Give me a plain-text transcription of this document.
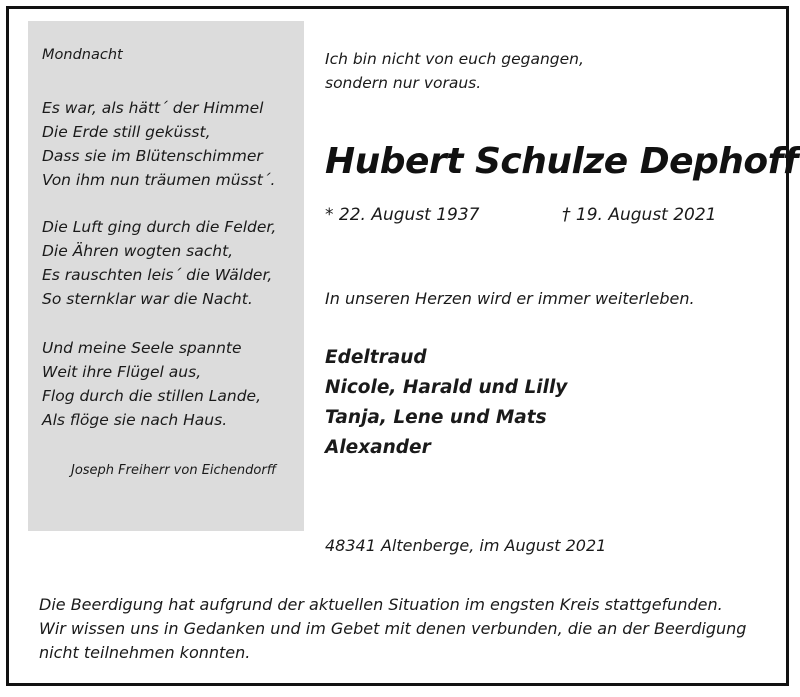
Mondnacht
Es war, als hätt´ der Himmel
Die Erde still geküsst,
Dass sie im Blütenschimmer
Von ihm nun träumen müsst´.
Die Luft ging durch die Felder,
Die Ähren wogten sacht,
Es rauschten leis´ die Wälder,
So sternklar war die Nacht.
Und meine Seele spannte
Weit ihre Flügel aus,
Flog durch die stillen Lande,
Als flöge sie nach Haus.
Joseph Freiherr von Eichendorff
Ich bin nicht von euch gegangen,
sondern nur voraus.
Hubert Schulze Dephoff
* 22. August 1937	† 19. August 2021
In unseren Herzen wird er immer weiterleben.
Edeltraud
Nicole, Harald und Lilly
Tanja, Lene und Mats
Alexander
48341 Altenberge, im August 2021
Die Beerdigung hat aufgrund der aktuellen Situation im engsten Kreis stattgefunden.
Wir wissen uns in Gedanken und im Gebet mit denen verbunden, die an der Beerdigung
nicht teilnehmen konnten.
